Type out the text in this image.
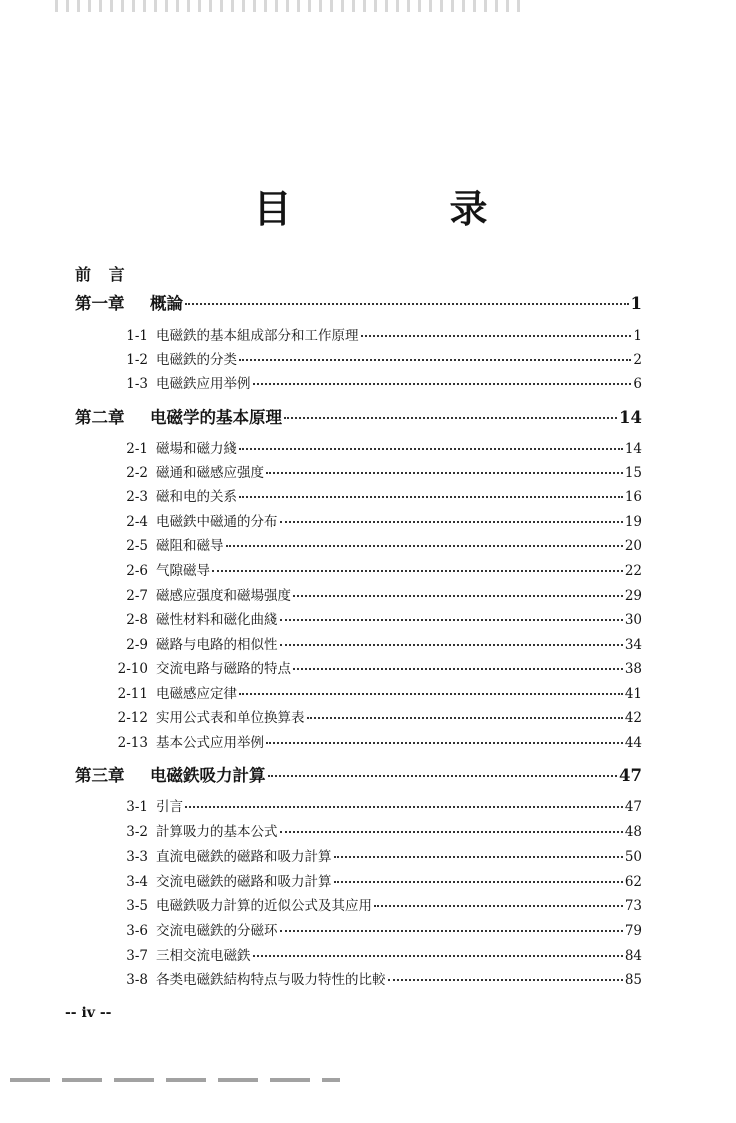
目　录
前 言
第一章	概論	1
1-1 电磁鉄的基本組成部分和工作原理	1
1-2 电磁鉄的分类	2
1-3 电磁鉄应用举例	6
第二章	电磁学的基本原理	14
2-1 磁場和磁力綫	14
2-2 磁通和磁感应强度	15
2-3 磁和电的关系	16
2-4 电磁鉄中磁通的分布	19
2-5 磁阻和磁导	20
2-6 气隙磁导	22
2-7 磁感应强度和磁場强度	29
2-8 磁性材料和磁化曲綫	30
2-9 磁路与电路的相似性	34
2-10 交流电路与磁路的特点	38
2-11 电磁感应定律	41
2-12 实用公式表和单位换算表	42
2-13 基本公式应用举例	44
第三章	电磁鉄吸力計算	47
3-1 引言	47
3-2 計算吸力的基本公式	48
3-3 直流电磁鉄的磁路和吸力計算	50
3-4 交流电磁鉄的磁路和吸力計算	62
3-5 电磁鉄吸力計算的近似公式及其应用	73
3-6 交流电磁鉄的分磁环	79
3-7 三相交流电磁鉄	84
3-8 各类电磁鉄結构特点与吸力特性的比較	85
-- iv --
